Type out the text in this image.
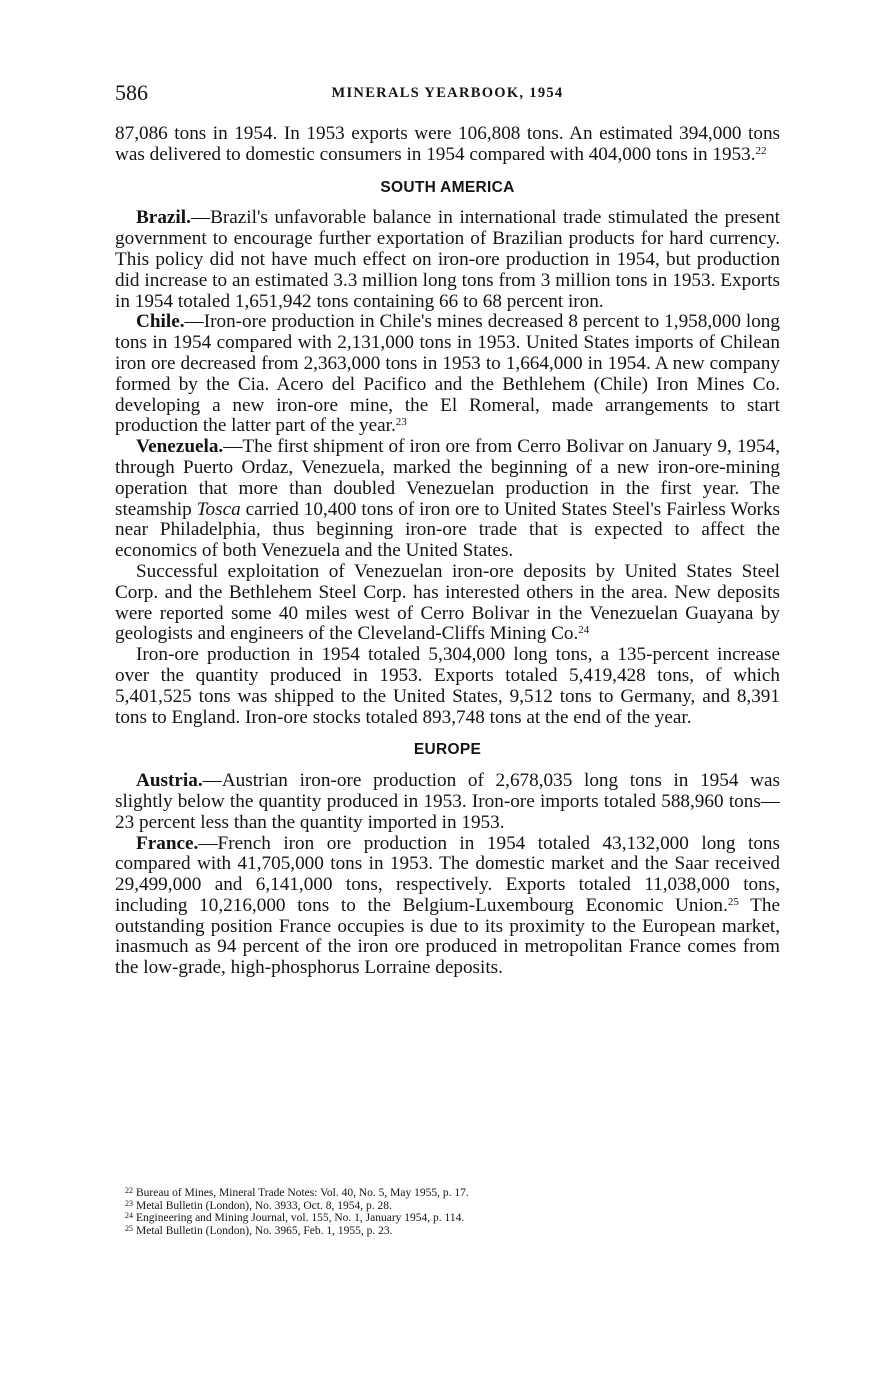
586	MINERALS YEARBOOK, 1954

87,086 tons in 1954. In 1953 exports were 106,808 tons. An estimated 394,000 tons was delivered to domestic consumers in 1954 compared with 404,000 tons in 1953.22

SOUTH AMERICA

Brazil.—Brazil's unfavorable balance in international trade stimulated the present government to encourage further exportation of Brazilian products for hard currency. This policy did not have much effect on iron-ore production in 1954, but production did increase to an estimated 3.3 million long tons from 3 million tons in 1953. Exports in 1954 totaled 1,651,942 tons containing 66 to 68 percent iron.

Chile.—Iron-ore production in Chile's mines decreased 8 percent to 1,958,000 long tons in 1954 compared with 2,131,000 tons in 1953. United States imports of Chilean iron ore decreased from 2,363,000 tons in 1953 to 1,664,000 in 1954. A new company formed by the Cia. Acero del Pacifico and the Bethlehem (Chile) Iron Mines Co. developing a new iron-ore mine, the El Romeral, made arrangements to start production the latter part of the year.$^{23}$

Venezuela.—The first shipment of iron ore from Cerro Bolivar on January 9, 1954, through Puerto Ordaz, Venezuela, marked the beginning of a new iron-ore-mining operation that more than doubled Venezuelan production in the first year. The steamship Tosca carried 10,400 tons of iron ore to United States Steel's Fairless Works near Philadelphia, thus beginning iron-ore trade that is expected to affect the economics of both Venezuela and the United States.

Successful exploitation of Venezuelan iron-ore deposits by United States Steel Corp. and the Bethlehem Steel Corp. has interested others in the area. New deposits were reported some 40 miles west of Cerro Bolivar in the Venezuelan Guayana by geologists and engineers of the Cleveland-Cliffs Mining Co.$^{24}$

Iron-ore production in 1954 totaled 5,304,000 long tons, a 135-percent increase over the quantity produced in 1953. Exports totaled 5,419,428 tons, of which 5,401,525 tons was shipped to the United States, 9,512 tons to Germany, and 8,391 tons to England. Iron-ore stocks totaled 893,748 tons at the end of the year.

EUROPE

Austria.—Austrian iron-ore production of 2,678,035 long tons in 1954 was slightly below the quantity produced in 1953. Iron-ore imports totaled 588,960 tons—23 percent less than the quantity imported in 1953.

France.—French iron ore production in 1954 totaled 43,132,000 long tons compared with 41,705,000 tons in 1953. The domestic market and the Saar received 29,499,000 and 6,141,000 tons, respectively. Exports totaled 11,038,000 tons, including 10,216,000 tons to the Belgium-Luxembourg Economic Union.$^{25}$ The outstanding position France occupies is due to its proximity to the European market, inasmuch as 94 percent of the iron ore produced in metropolitan France comes from the low-grade, high-phosphorus Lorraine deposits.

$^{22}$ Bureau of Mines, Mineral Trade Notes: Vol. 40, No. 5, May 1955, p. 17.
$^{23}$ Metal Bulletin (London), No. 3933, Oct. 8, 1954, p. 28.
$^{24}$ Engineering and Mining Journal, vol. 155, No. 1, January 1954, p. 114.
$^{25}$ Metal Bulletin (London), No. 3965, Feb. 1, 1955, p. 23.
